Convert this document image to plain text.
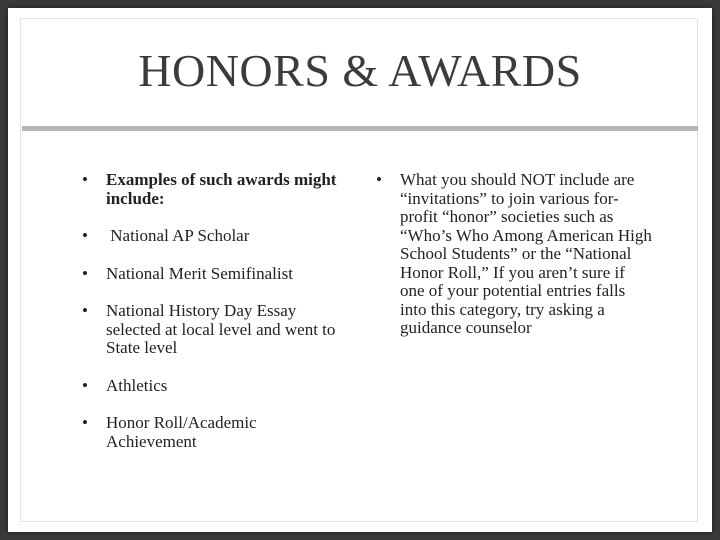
HONORS & AWARDS
• Examples of such awards might include:
• National AP Scholar
• National Merit Semifinalist
• National History Day Essay selected at local level and went to State level
• Athletics
• Honor Roll/Academic Achievement
• What you should NOT include are “invitations” to join various for-profit “honor” societies such as “Who’s Who Among American High School Students” or the “National Honor Roll,” If you aren’t sure if one of your potential entries falls into this category, try asking a guidance counselor
